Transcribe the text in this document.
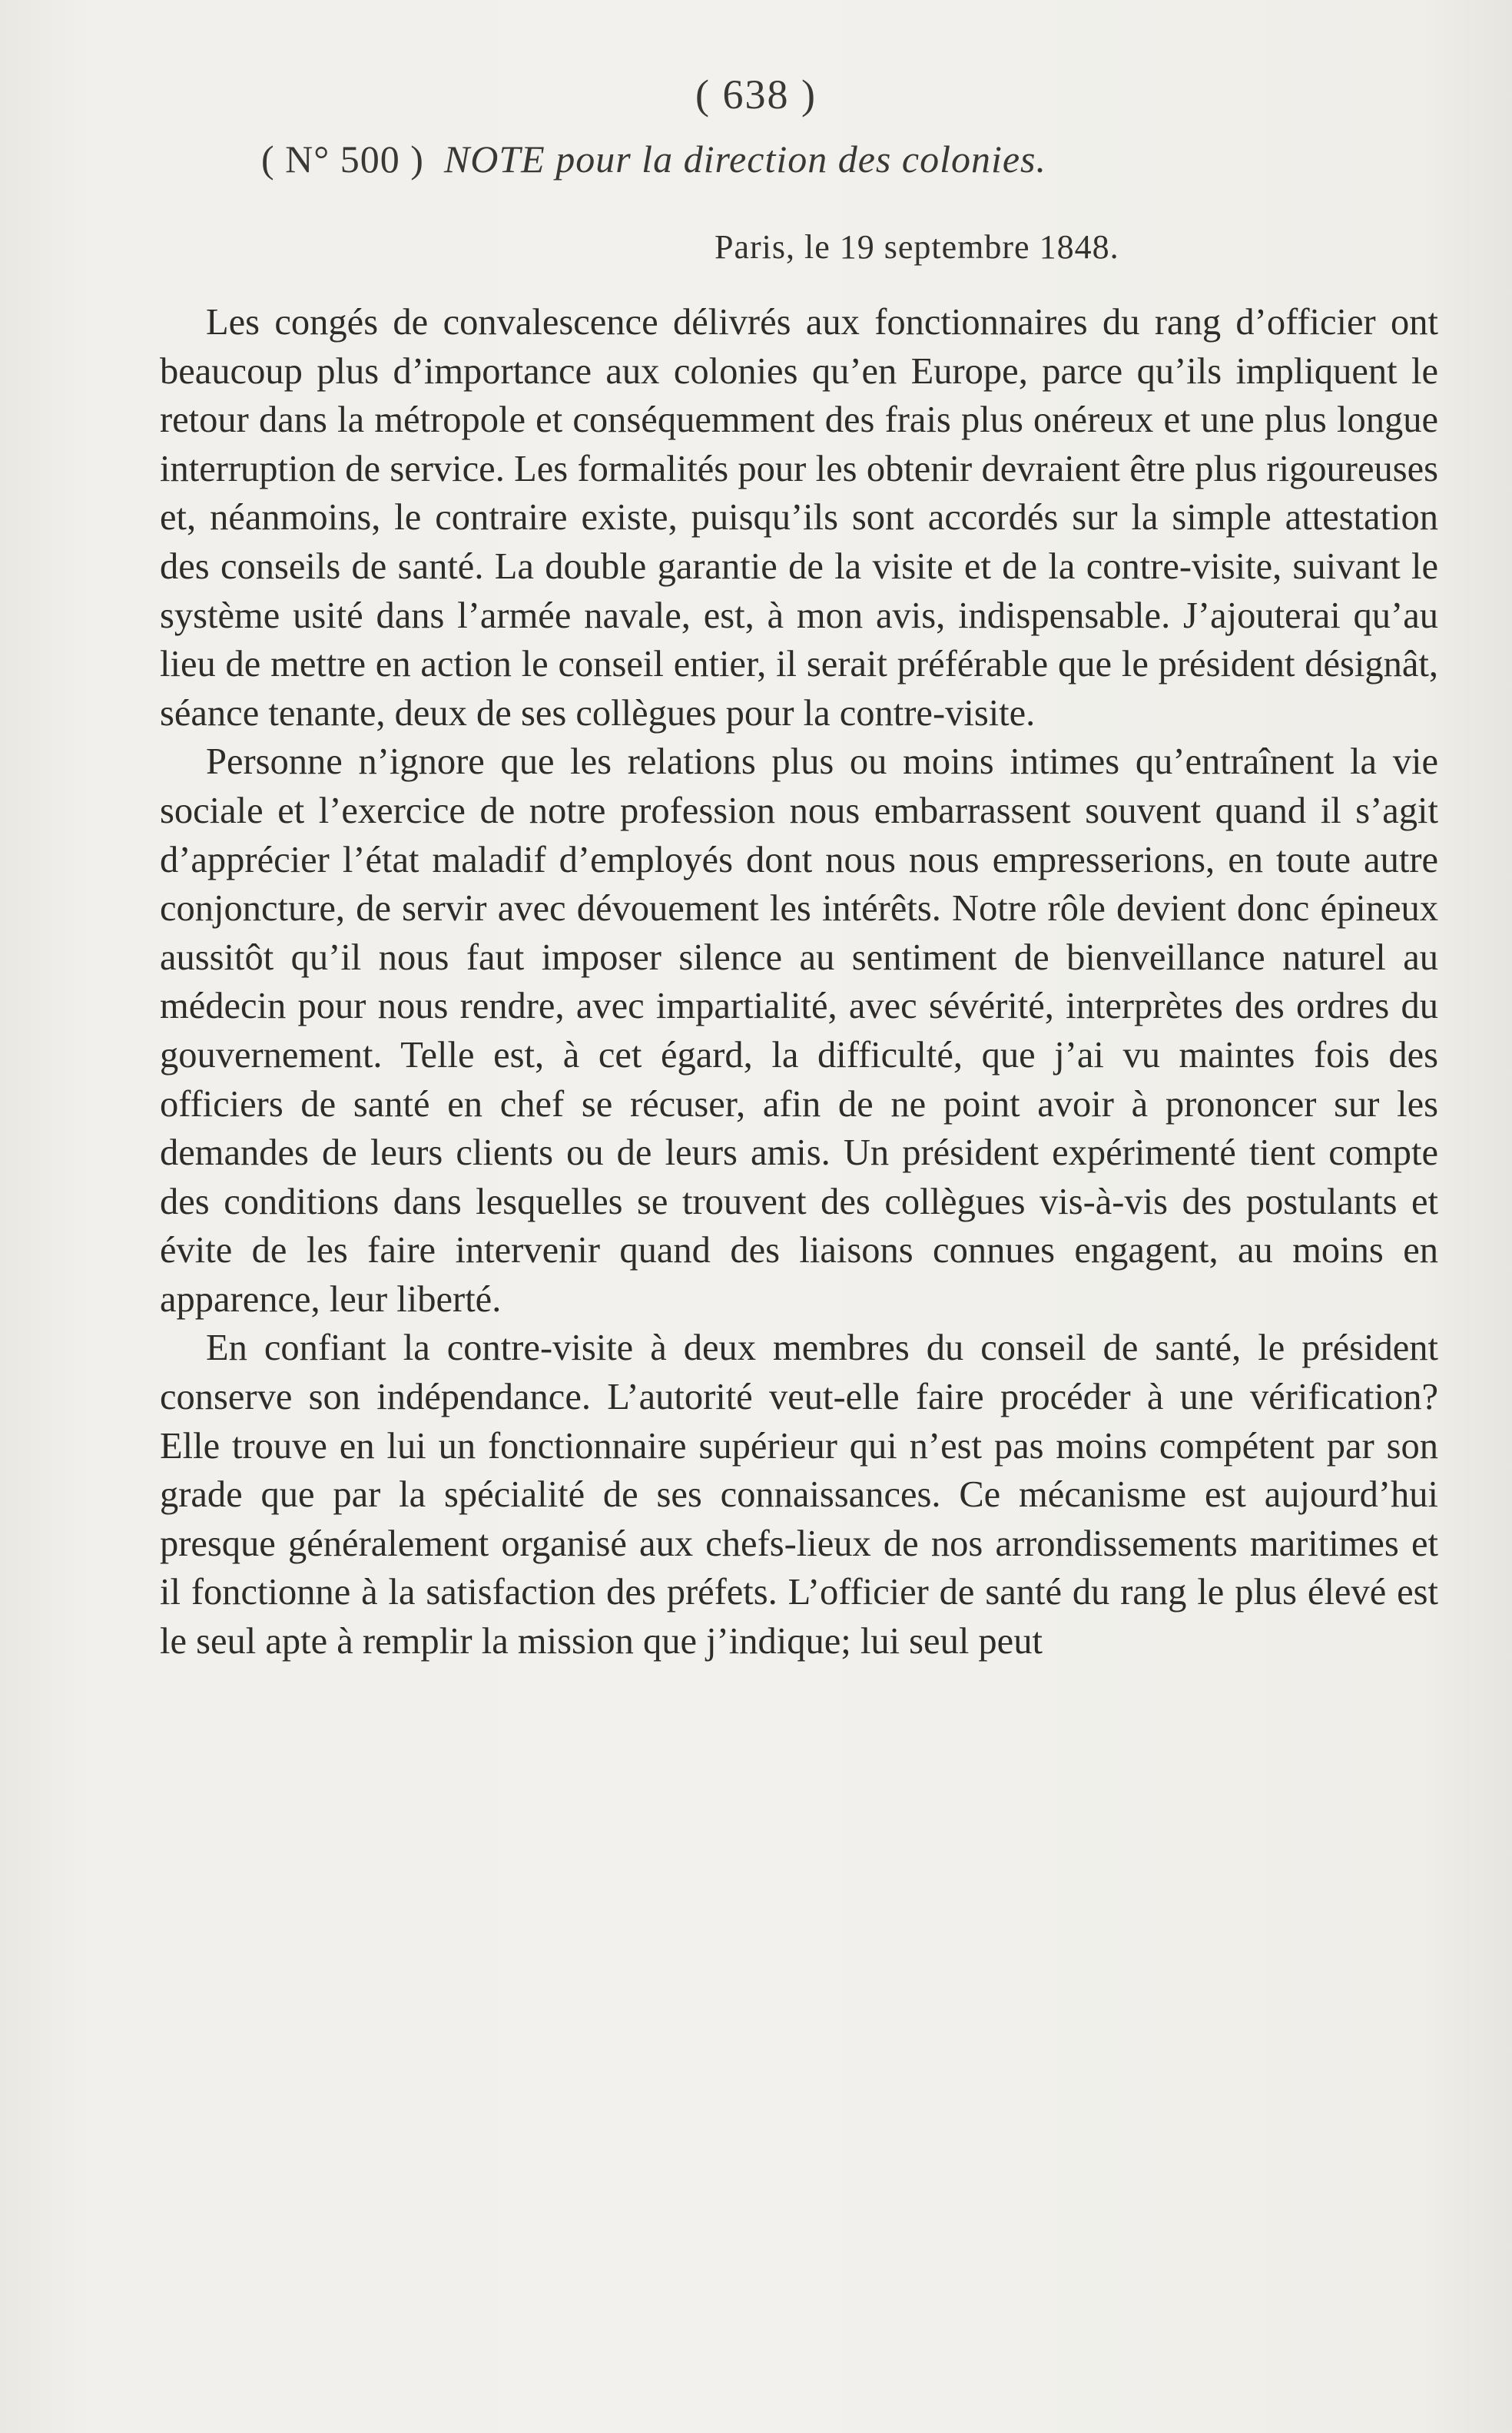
( 638 )
( N° 500 ) NOTE pour la direction des colonies.
Paris, le 19 septembre 1848.

Les congés de convalescence délivrés aux fonctionnaires du rang d’officier ont beaucoup plus d’importance aux colonies qu’en Europe, parce qu’ils impliquent le retour dans la métropole et conséquemment des frais plus onéreux et une plus longue interruption de service. Les formalités pour les obtenir devraient être plus rigoureuses et, néanmoins, le contraire existe, puisqu’ils sont accordés sur la simple attestation des conseils de santé. La double garantie de la visite et de la contre-visite, suivant le système usité dans l’armée navale, est, à mon avis, indispensable. J’ajouterai qu’au lieu de mettre en action le conseil entier, il serait préférable que le président désignât, séance tenante, deux de ses collègues pour la contre-visite.

Personne n’ignore que les relations plus ou moins intimes qu’entraînent la vie sociale et l’exercice de notre profession nous embarrassent souvent quand il s’agit d’apprécier l’état maladif d’employés dont nous nous empresserions, en toute autre conjoncture, de servir avec dévouement les intérêts. Notre rôle devient donc épineux aussitôt qu’il nous faut imposer silence au sentiment de bienveillance naturel au médecin pour nous rendre, avec impartialité, avec sévérité, interprètes des ordres du gouvernement. Telle est, à cet égard, la difficulté, que j’ai vu maintes fois des officiers de santé en chef se récuser, afin de ne point avoir à prononcer sur les demandes de leurs clients ou de leurs amis. Un président expérimenté tient compte des conditions dans lesquelles se trouvent des collègues vis-à-vis des postulants et évite de les faire intervenir quand des liaisons connues engagent, au moins en apparence, leur liberté.

En confiant la contre-visite à deux membres du conseil de santé, le président conserve son indépendance. L’autorité veut-elle faire procéder à une vérification? Elle trouve en lui un fonctionnaire supérieur qui n’est pas moins compétent par son grade que par la spécialité de ses connaissances. Ce mécanisme est aujourd’hui presque généralement organisé aux chefs-lieux de nos arrondissements maritimes et il fonctionne à la satisfaction des préfets. L’officier de santé du rang le plus élevé est le seul apte à remplir la mission que j’indique; lui seul peut
